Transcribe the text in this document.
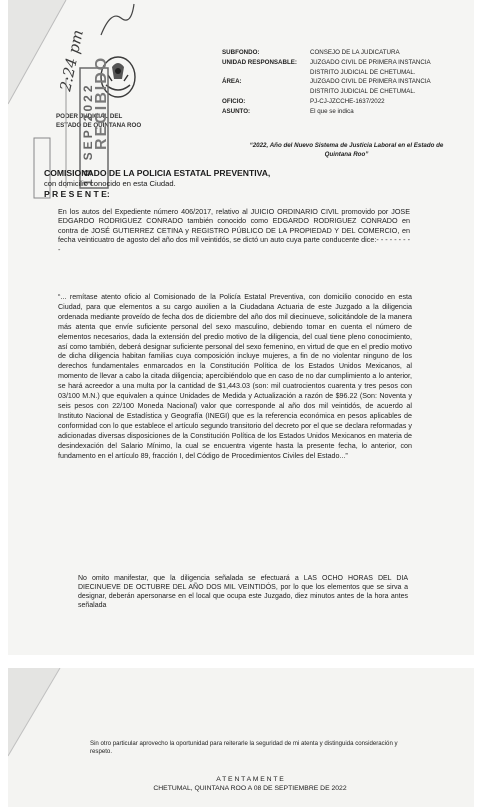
PODER JUDICIAL DEL
ESTADO DE QUINTANA ROO
19 SEP 2022
RECIBIDO
2:24 pm	SUBFONDO:	CONSEJO DE LA JUDICATURA
UNIDAD RESPONSABLE:	JUZGADO CIVIL DE PRIMERA INSTANCIA
DISTRITO JUDICIAL DE CHETUMAL.
ÁREA:	JUZGADO CIVIL DE PRIMERA INSTANCIA
DISTRITO JUDICIAL DE CHETUMAL.
OFICIO:	PJ-CJ-JZCCHE-1637/2022
ASUNTO:	El que se indica
“2022, Año del Nuevo Sistema de Justicia Laboral en el Estado de Quintana Roo”
COMISIONADO DE LA POLICIA ESTATAL PREVENTIVA,
con domicilio conocido en esta Ciudad.
P R E S E N T E:
En los autos del Expediente número 406/2017, relativo al JUICIO ORDINARIO CIVIL promovido por JOSE EDGARDO RODRIGUEZ CONRADO también conocido como EDGARDO RODRIGUEZ CONRADO en contra de JOSÉ GUTIERREZ CETINA y REGISTRO PÚBLICO DE LA PROPIEDAD Y DEL COMERCIO, en fecha veinticuatro de agosto del año dos mil veintidós, se dictó un auto cuya parte conducente dice:- - - - - - - - -
“... remítase atento oficio al Comisionado de la Policía Estatal Preventiva, con domicilio conocido en esta Ciudad, para que elementos a su cargo auxilien a la Ciudadana Actuaria de este Juzgado a la diligencia ordenada mediante proveído de fecha dos de diciembre del año dos mil diecinueve, solicitándole de la manera más atenta que envíe suficiente personal del sexo masculino, debiendo tomar en cuenta el número de elementos necesarios, dada la extensión del predio motivo de la diligencia, del cual tiene pleno conocimiento, así como también, deberá designar suficiente personal del sexo femenino, en virtud de que en el predio motivo de dicha diligencia habitan familias cuya composición incluye mujeres, a fin de no violentar ninguno de los derechos fundamentales enmarcados en la Constitución Política de los Estados Unidos Mexicanos, al momento de llevar a cabo la citada diligencia; apercibiéndolo que en caso de no dar cumplimiento a lo anterior, se hará acreedor a una multa por la cantidad de $1,443.03 (son: mil cuatrocientos cuarenta y tres pesos con 03/100 M.N.) que equivalen a quince Unidades de Medida y Actualización a razón de $96.22 (Son: Noventa y seis pesos con 22/100 Moneda Nacional) valor que corresponde al año dos mil veintidós, de acuerdo al Instituto Nacional de Estadística y Geografía (INEGI) que es la referencia económica en pesos aplicables de conformidad con lo que establece el artículo segundo transitorio del decreto por el que se declara reformadas y adicionadas diversas disposiciones de la Constitución Política de los Estados Unidos Mexicanos en materia de desindexación del Salario Mínimo, la cual se encuentra vigente hasta la presente fecha, lo anterior, con fundamento en el artículo 89, fracción I, del Código de Procedimientos Civiles del Estado...”
No omito manifestar, que la diligencia señalada se efectuará a LAS OCHO HORAS DEL DIA DIECINUEVE DE OCTUBRE DEL AÑO DOS MIL VEINTIDÓS, por lo que los elementos que se sirva a designar, deberán apersonarse en el local que ocupa este Juzgado, diez minutos antes de la hora antes señalada
Sin otro particular aprovecho la oportunidad para reiterarle la seguridad de mi atenta y distinguida consideración y respeto.
A T E N T A M E N T E
CHETUMAL, QUINTANA ROO A 08 DE SEPTIEMBRE DE 2022
